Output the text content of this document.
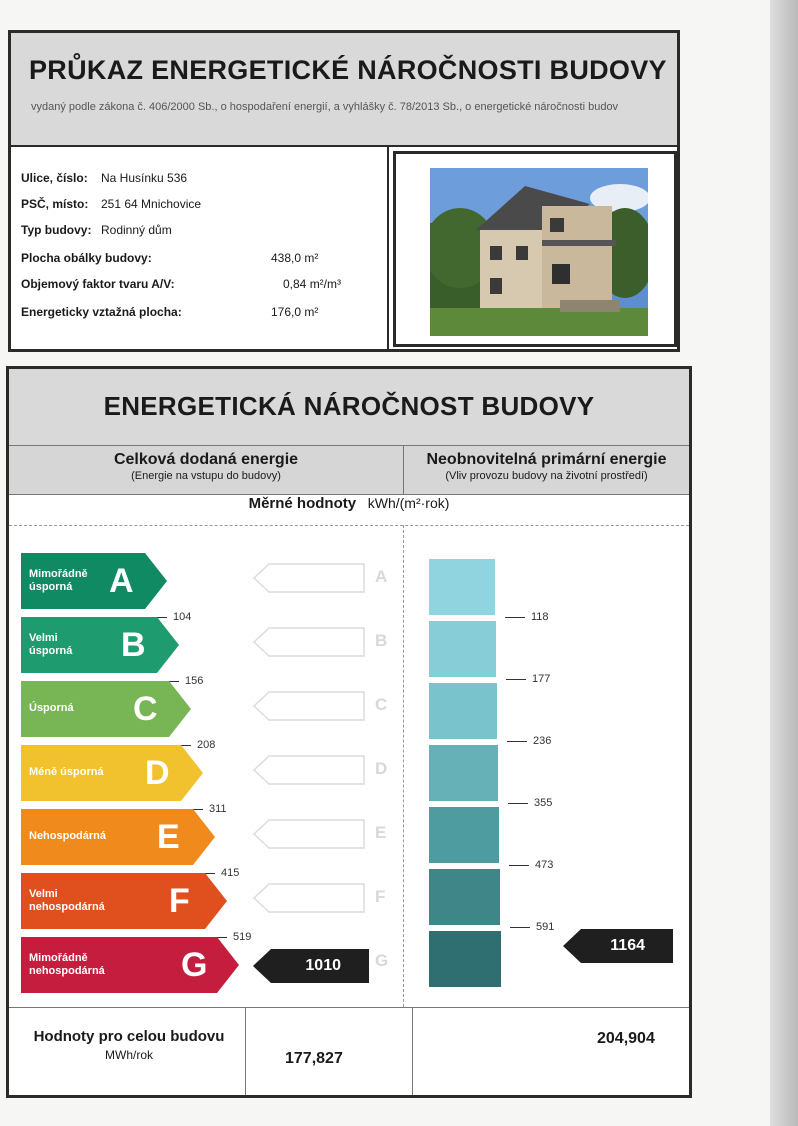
PRŮKAZ ENERGETICKÉ NÁROČNOSTI BUDOVY
vydaný podle zákona č. 406/2000 Sb., o hospodaření energií, a vyhlášky č. 78/2013 Sb., o energetické náročnosti budov
Ulice, číslo: Na Husínku 536
PSČ, místo: 251 64 Mnichovice
Typ budovy: Rodinný dům
Plocha obálky budovy:	438,0 m²
Objemový faktor tvaru A/V:	0,84 m²/m³
Energeticky vztažná plocha:	176,0 m²
ENERGETICKÁ NÁROČNOST BUDOVY
Celková dodaná energie
(Energie na vstupu do budovy)
Neobnovitelná primární energie
(Vliv provozu budovy na životní prostředí)
Měrné hodnoty kWh/(m²·rok)
Mimořádně
úsporná	A
104
A
118
Velmi
úsporná B
156
B
177
Úsporná C
208
C
236
Méně úsporná D
311
D
355
Nehospodárná E
415
E
473
Velmi
nehospodárná F
519
F
591
Mimořádně
nehospodárná G	G
1010
1164
Hodnoty pro celou budovu
MWh/rok	177,827
204,904
